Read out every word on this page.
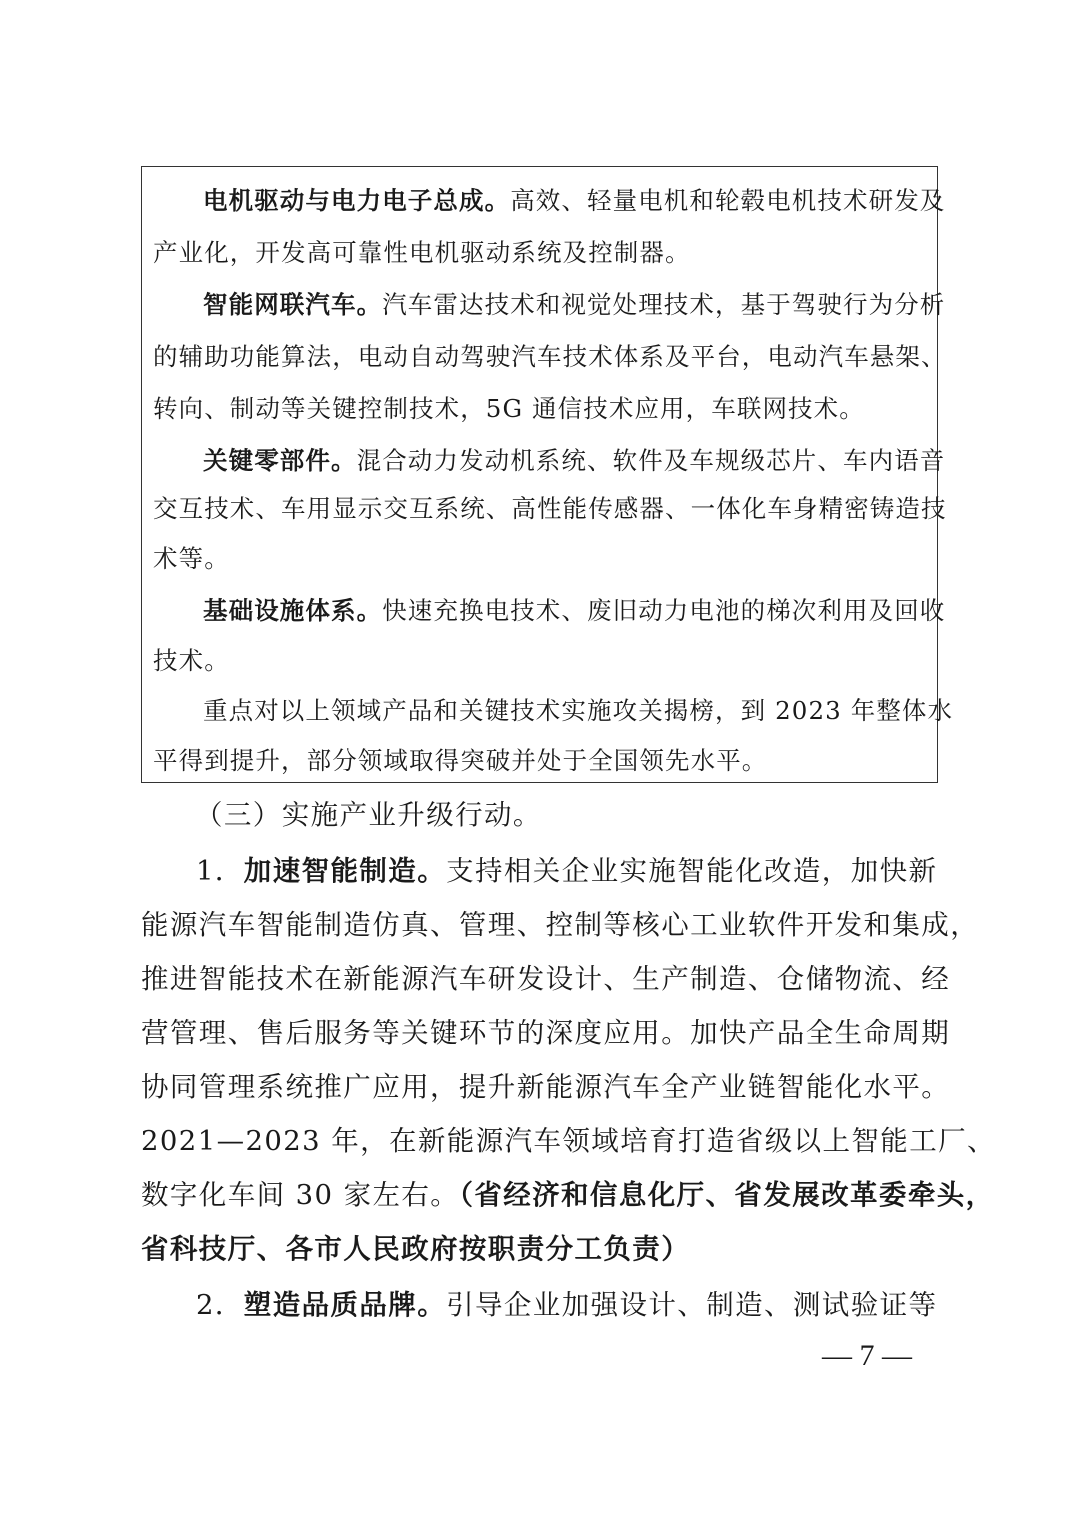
电机驱动与电力电子总成。高效、轻量电机和轮毂电机技术研发及
产业化，开发高可靠性电机驱动系统及控制器。
智能网联汽车。汽车雷达技术和视觉处理技术，基于驾驶行为分析
的辅助功能算法，电动自动驾驶汽车技术体系及平台，电动汽车悬架、
转向、制动等关键控制技术，5G 通信技术应用，车联网技术。
关键零部件。混合动力发动机系统、软件及车规级芯片、车内语音
交互技术、车用显示交互系统、高性能传感器、一体化车身精密铸造技
术等。
基础设施体系。快速充换电技术、废旧动力电池的梯次利用及回收
技术。
重点对以上领域产品和关键技术实施攻关揭榜，到 2023 年整体水
平得到提升，部分领域取得突破并处于全国领先水平。
（三）实施产业升级行动。
1．加速智能制造。支持相关企业实施智能化改造，加快新
能源汽车智能制造仿真、管理、控制等核心工业软件开发和集成，
推进智能技术在新能源汽车研发设计、生产制造、仓储物流、经
营管理、售后服务等关键环节的深度应用。加快产品全生命周期
协同管理系统推广应用，提升新能源汽车全产业链智能化水平。
2021—2023 年，在新能源汽车领域培育打造省级以上智能工厂、
数字化车间 30 家左右。（省经济和信息化厅、省发展改革委牵头，
省科技厅、各市人民政府按职责分工负责）
2．塑造品质品牌。引导企业加强设计、制造、测试验证等
— 7 —
